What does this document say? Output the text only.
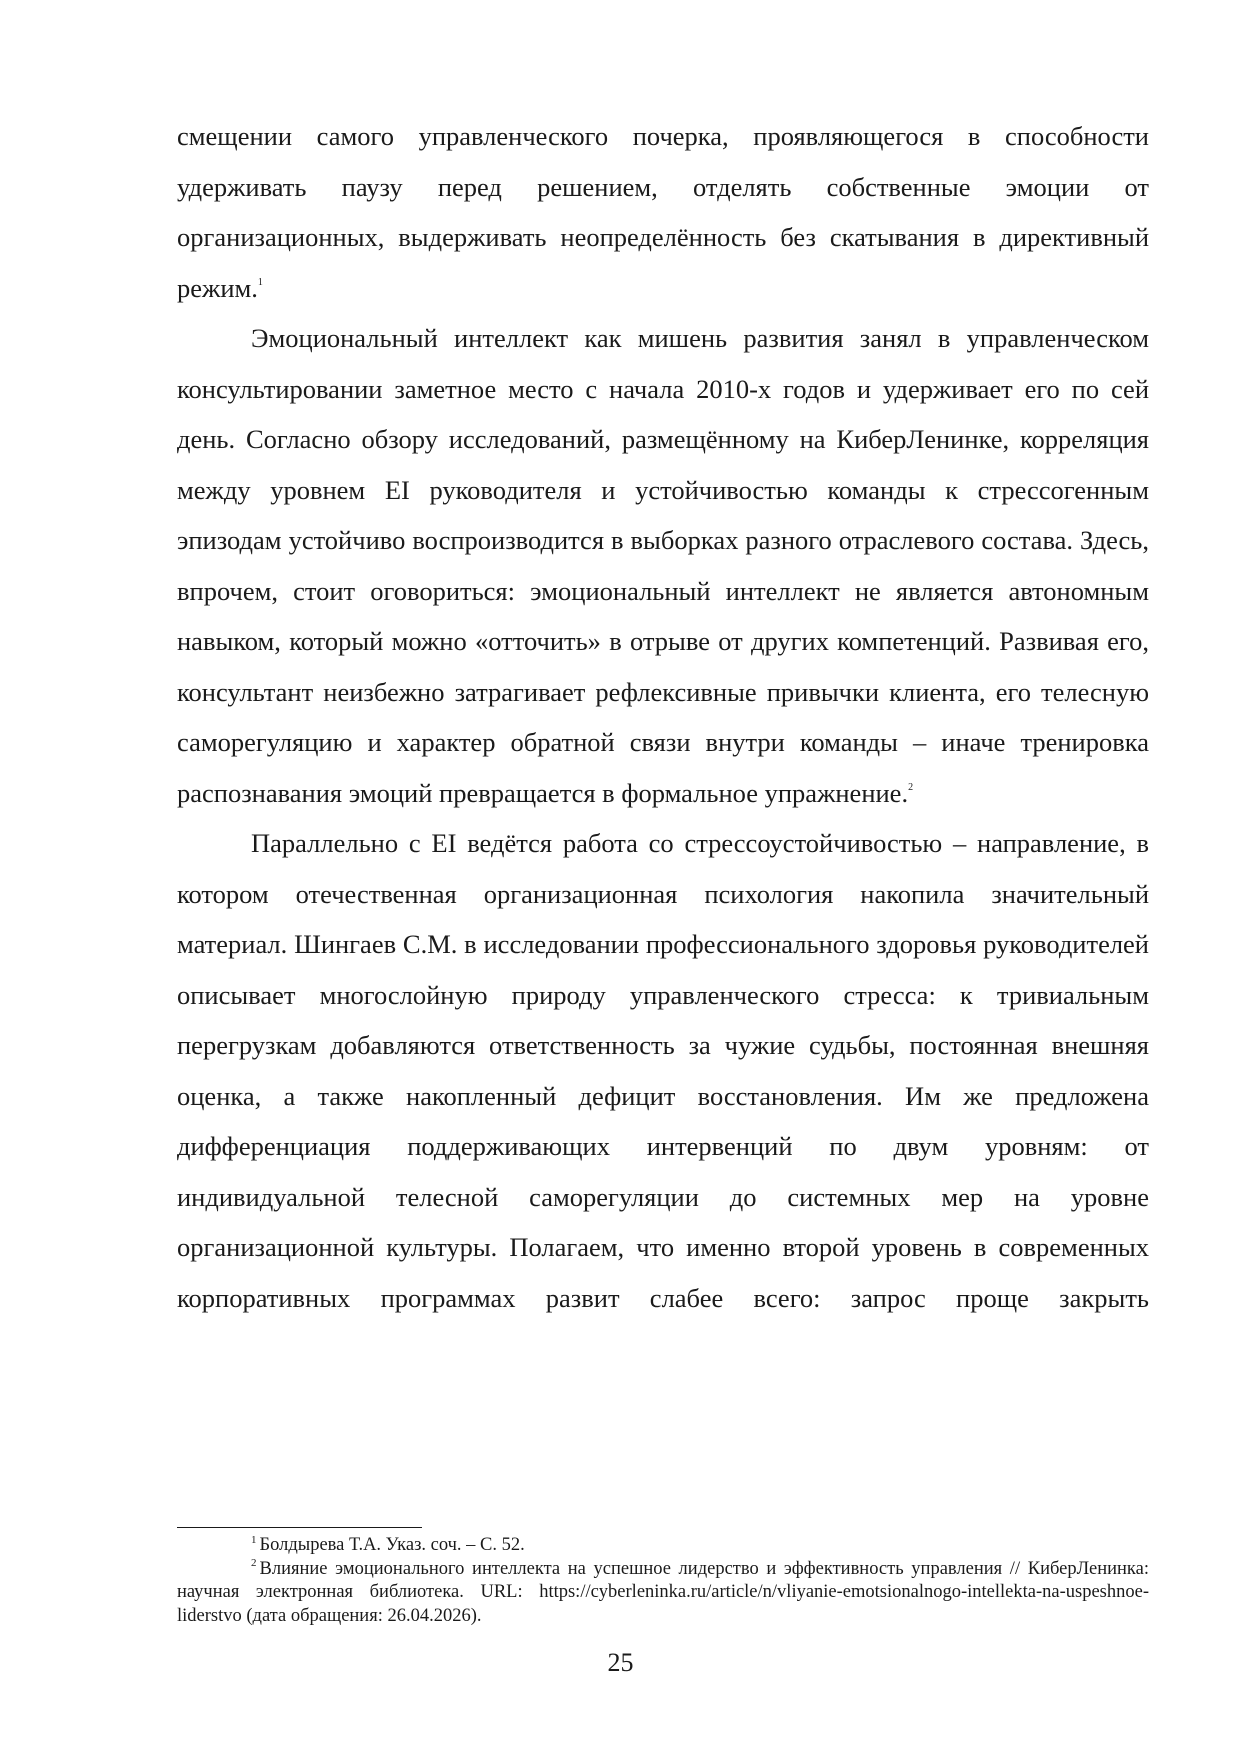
смещении самого управленческого почерка, проявляющегося в способности удерживать паузу перед решением, отделять собственные эмоции от организационных, выдерживать неопределённость без скатывания в директивный режим.$^1$

Эмоциональный интеллект как мишень развития занял в управленческом консультировании заметное место с начала 2010-х годов и удерживает его по сей день. Согласно обзору исследований, размещённому на КиберЛенинке, корреляция между уровнем EI руководителя и устойчивостью команды к стрессогенным эпизодам устойчиво воспроизводится в выборках разного отраслевого состава. Здесь, впрочем, стоит оговориться: эмоциональный интеллект не является автономным навыком, который можно «отточить» в отрыве от других компетенций. Развивая его, консультант неизбежно затрагивает рефлексивные привычки клиента, его телесную саморегуляцию и характер обратной связи внутри команды – иначе тренировка распознавания эмоций превращается в формальное упражнение.$^2$

Параллельно с EI ведётся работа со стрессоустойчивостью – направление, в котором отечественная организационная психология накопила значительный материал. Шингаев С.М. в исследовании профессионального здоровья руководителей описывает многослойную природу управленческого стресса: к тривиальным перегрузкам добавляются ответственность за чужие судьбы, постоянная внешняя оценка, а также накопленный дефицит восстановления. Им же предложена дифференциация поддерживающих интервенций по двум уровням: от индивидуальной телесной саморегуляции до системных мер на уровне организационной культуры. Полагаем, что именно второй уровень в современных корпоративных программах развит слабее всего: запрос проще закрыть

$^1$ Болдырева Т.А. Указ. соч. – С. 52.

$^2$ Влияние эмоционального интеллекта на успешное лидерство и эффективность управления // КиберЛенинка: научная электронная библиотека. URL: https://cyberleninka.ru/article/n/vliyanie-emotsionalnogo-intellekta-na-uspeshnoe-liderstvo (дата обращения: 26.04.2026).

25
